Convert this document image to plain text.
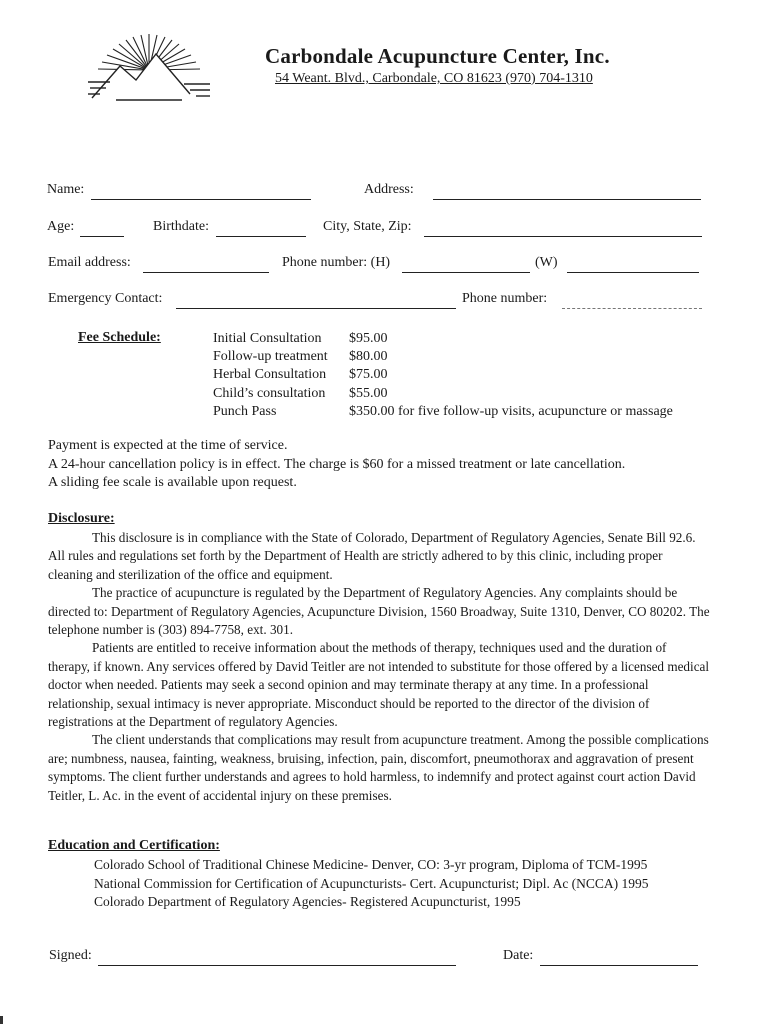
Carbondale Acupuncture Center, Inc.
54 Weant. Blvd., Carbondale, CO 81623 (970) 704-1310
Name:	Address:
Age:	Birthdate:	City, State, Zip:
Email address:	Phone number: (H)	(W)
Emergency Contact:	Phone number:
Fee Schedule:	Initial Consultation $95.00
Follow-up treatment $80.00
Herbal Consultation $75.00
Child’s consultation $55.00
Punch Pass	$350.00 for five follow-up visits, acupuncture or massage

Payment is expected at the time of service.

A 24-hour cancellation policy is in effect. The charge is $60 for a missed treatment or late cancellation.

A sliding fee scale is available upon request.

Disclosure:

This disclosure is in compliance with the State of Colorado, Department of Regulatory Agencies, Senate Bill 92.6. All rules and regulations set forth by the Department of Health are strictly adhered to by this clinic, including proper cleaning and sterilization of the office and equipment.

The practice of acupuncture is regulated by the Department of Regulatory Agencies. Any complaints should be directed to: Department of Regulatory Agencies, Acupuncture Division, 1560 Broadway, Suite 1310, Denver, CO 80202. The telephone number is (303) 894-7758, ext. 301.

Patients are entitled to receive information about the methods of therapy, techniques used and the duration of therapy, if known. Any services offered by David Teitler are not intended to substitute for those offered by a licensed medical doctor when needed. Patients may seek a second opinion and may terminate therapy at any time. In a professional relationship, sexual intimacy is never appropriate. Misconduct should be reported to the director of the division of registrations at the Department of regulatory Agencies.

The client understands that complications may result from acupuncture treatment. Among the possible complications are; numbness, nausea, fainting, weakness, bruising, infection, pain, discomfort, pneumothorax and aggravation of present symptoms. The client further understands and agrees to hold harmless, to indemnify and protect against court action David Teitler, L. Ac. in the event of accidental injury on these premises.

Education and Certification:

Colorado School of Traditional Chinese Medicine- Denver, CO: 3-yr program, Diploma of TCM-1995

National Commission for Certification of Acupuncturists- Cert. Acupuncturist; Dipl. Ac (NCCA) 1995

Colorado Department of Regulatory Agencies- Registered Acupuncturist, 1995

Signed:	Date:
